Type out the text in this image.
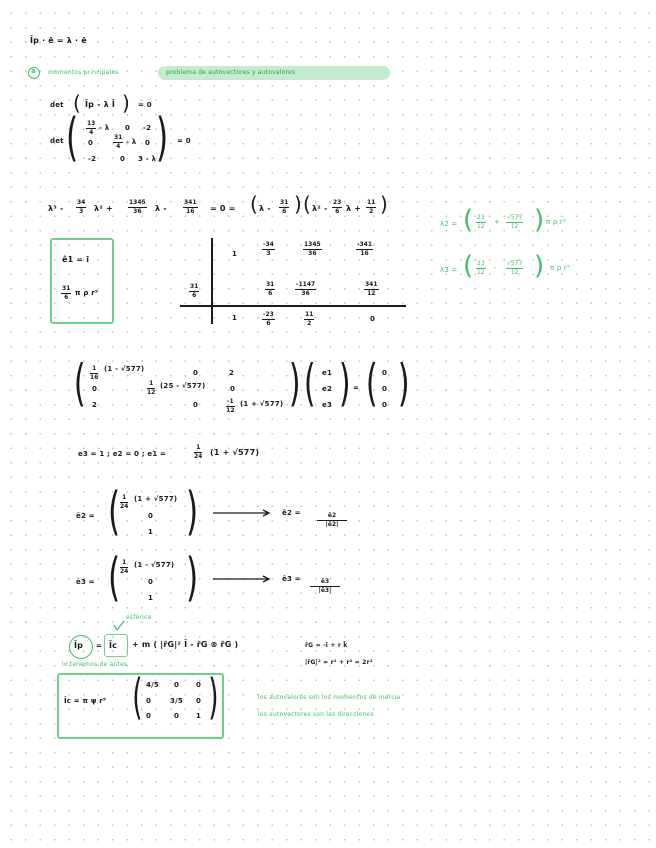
Īp · ē = λ · ē
a momentos principales	problema de autovectores y autovalores
det ( Īp - λ Ī ) = 0
det ( $\frac{13}{4}$ - λ 0 -2
0	$\frac{31}{4}$ - λ 0
-2	0 3 - λ ) = 0
$\lambda^3 - \frac{34}{3} \lambda^2$ +	$\frac{1345}{36}$ λ -	$\frac{341}{16} = 0$ = ( λ - $\frac{31}{6}$ ) ( $\lambda^2 - \frac{23}{6}$ $\lambda + \frac{11}{2}$ )
λ2 = ( $\frac{23}{12} + \frac{√577}{12}$ ) π ρ r⁵
λ3 = ( $\frac{23}{12} - \frac{√577}{12}$ ) π ρ r⁵
ê1 = ī
$\frac{31}{6}$ π ρ r⁵
1	$\frac{-34}{3}$	$\frac{1345}{36}$	$\frac{-341}{16}$
$\frac{31}{6}$	$\frac{31}{6}$	$\frac{-1147}{36}$	$\frac{341}{12}$
1	$\frac{-23}{6}$	$\frac{11}{2}$	0
( $\frac{1}{16} (1 - √577)$	0	2
0	$\frac{1}{12} (25 - √577)$	0
2	0	$\frac{-1}{12} (1 + √577)$ ) ( e1
e2
e3 ) = ( 0
0
0 )
e3 = 1 ; e2 = 0 ; e1 =	$\frac{1}{24} (1 + √577)$
ē2 = ( $\frac{1}{24} (1 + √577)$
0
1 )	ê2 =	$\frac{ē2}{|ē2|}$
ē3 = ( $\frac{1}{24} (1 - √577)$
0
1 )	ê3 = $\frac{ē3}{|ē3|}$
esférica
Īp = Īc + m ( |r̄G|² Ī - r̄G ⊗ r̄G )	r̄G = -ī + r k̄
|r̄G|² = r² + r² = 2r²
lo tenemos de antes
Īc = π ψ r⁵ ( 4/5 0 0
0	3/5 0
0	0 1 )	los autovalores son los momentos de inercia
los autovectores son las direcciones
